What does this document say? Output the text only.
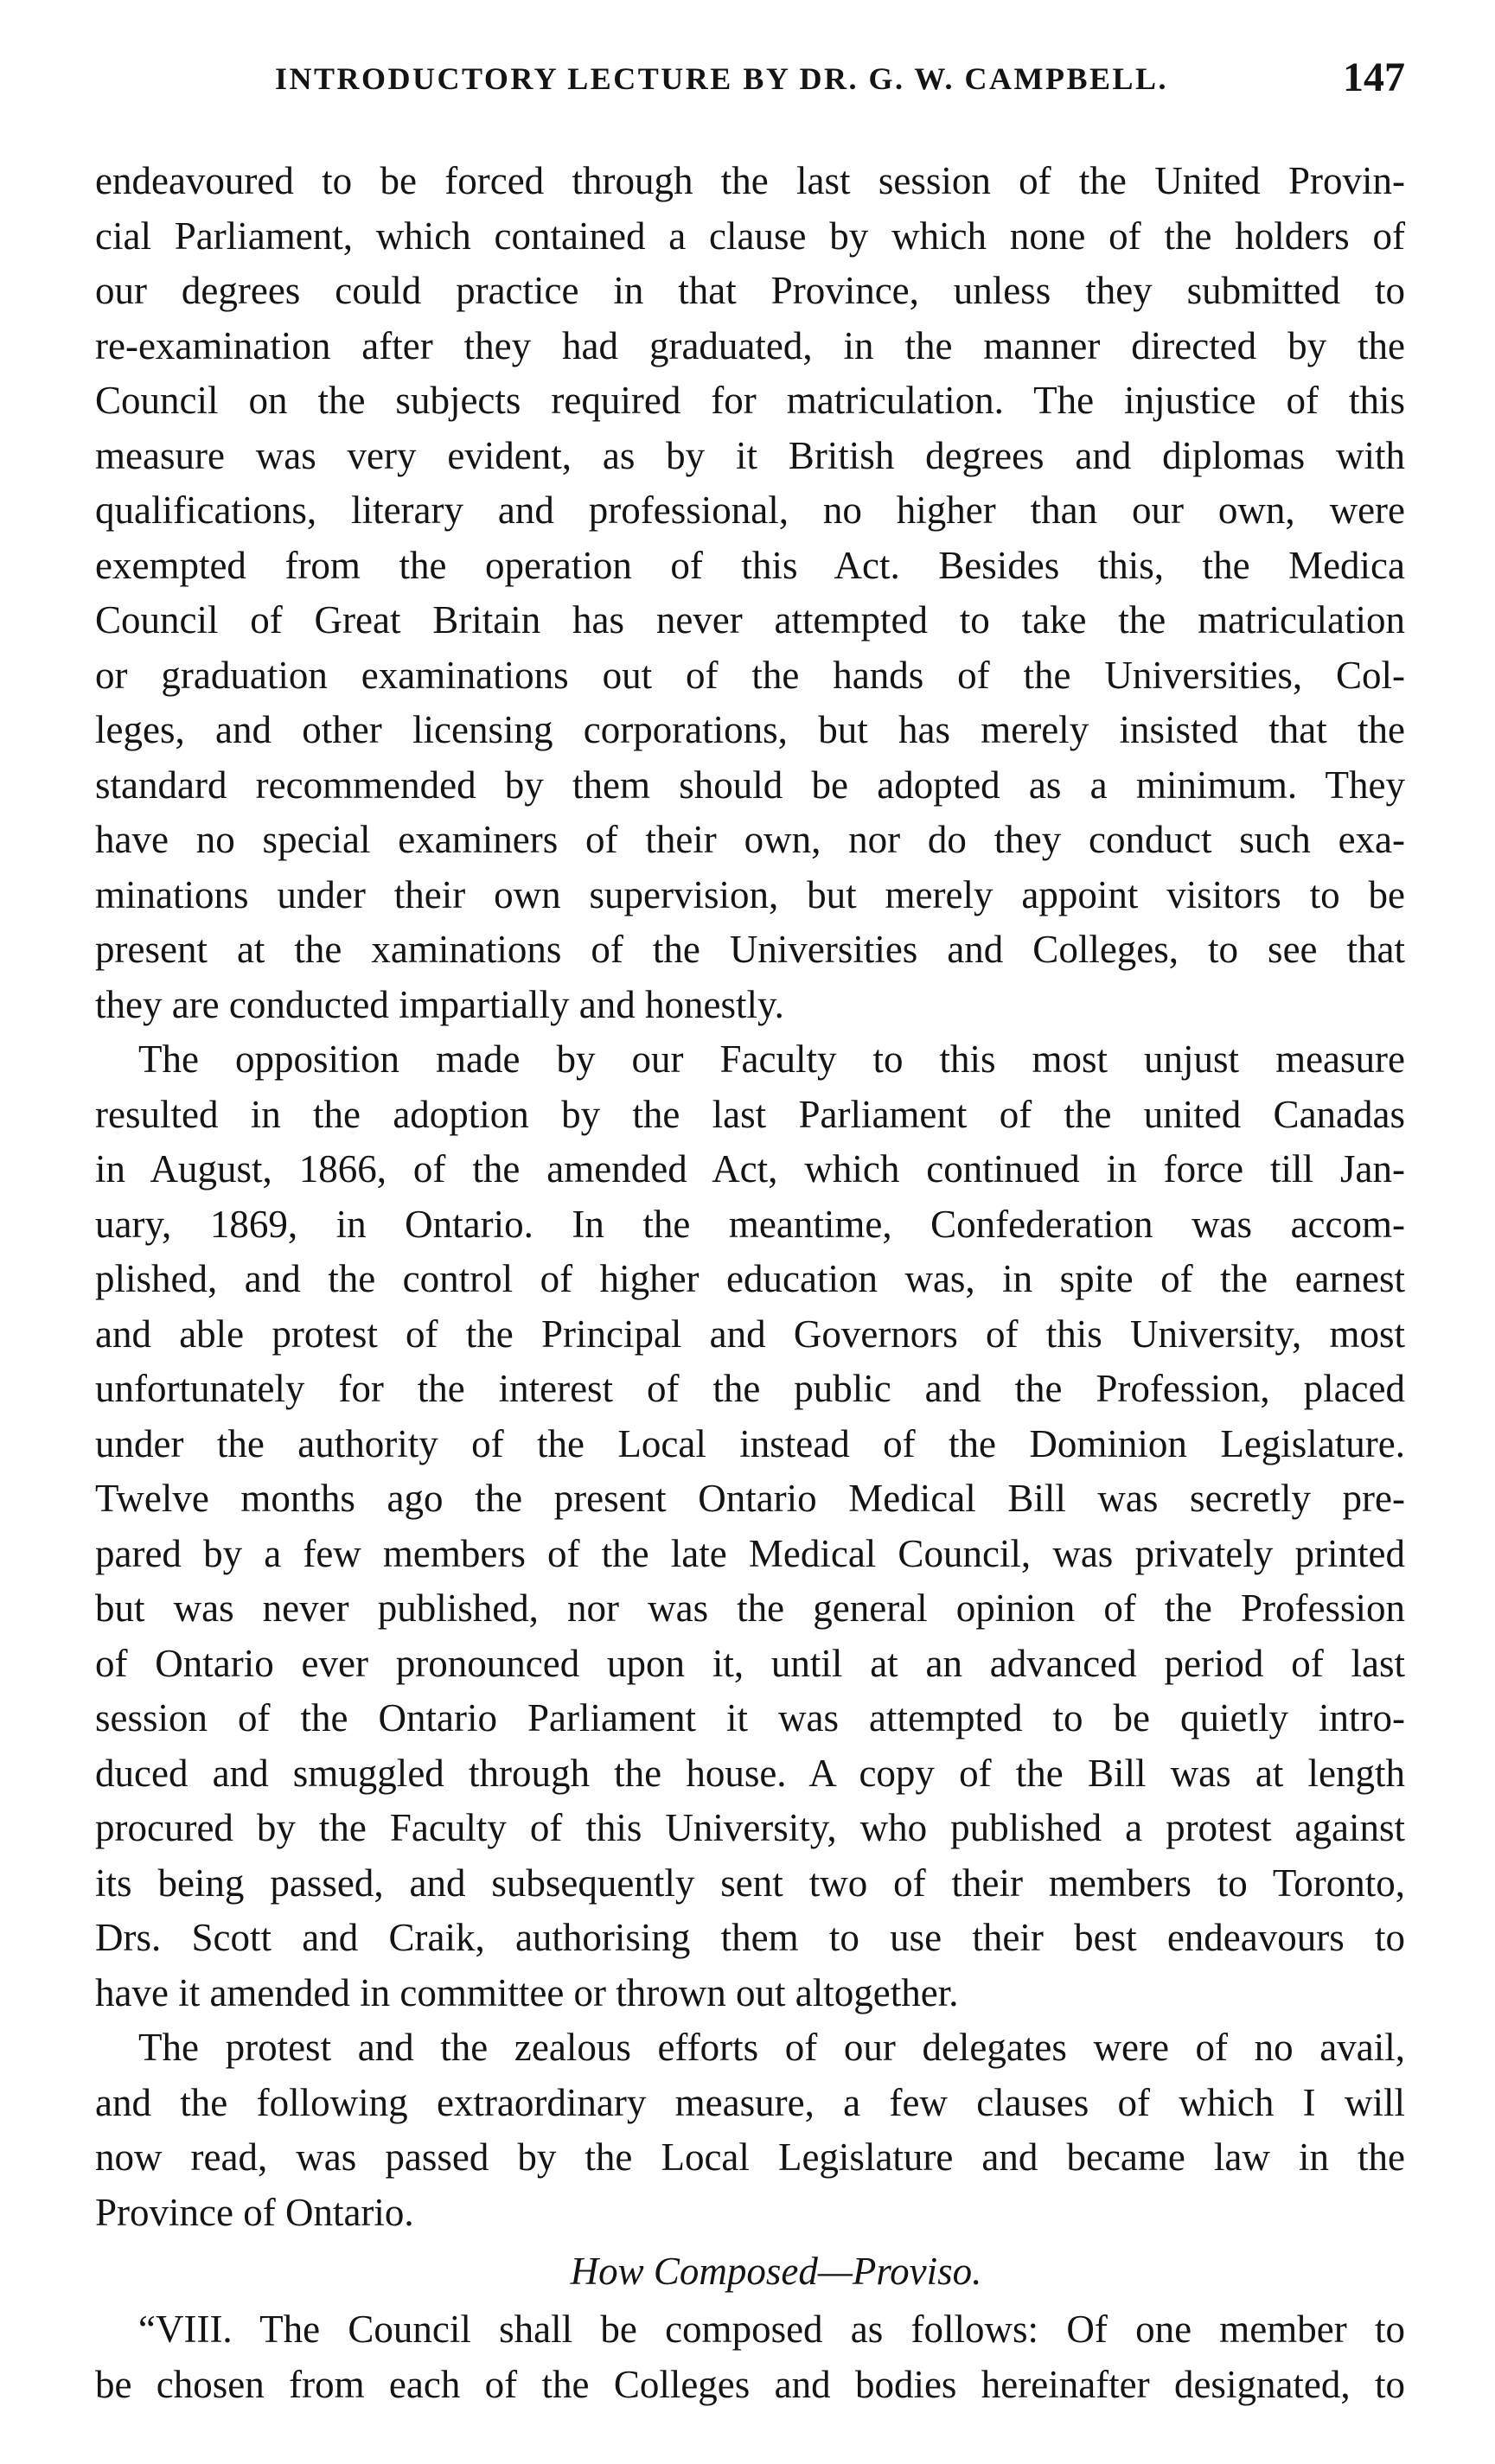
INTRODUCTORY LECTURE BY DR. G. W. CAMPBELL.	147
endeavoured to be forced through the last session of the United Provin-
cial Parliament, which contained a clause by which none of the holders of
our degrees could practice in that Province, unless they submitted to
re-examination after they had graduated, in the manner directed by the
Council on the subjects required for matriculation. The injustice of this
measure was very evident, as by it British degrees and diplomas with
qualifications, literary and professional, no higher than our own, were
exempted from the operation of this Act. Besides this, the Medica
Council of Great Britain has never attempted to take the matriculation
or graduation examinations out of the hands of the Universities, Col-
leges, and other licensing corporations, but has merely insisted that the
standard recommended by them should be adopted as a minimum. They
have no special examiners of their own, nor do they conduct such exa-
minations under their own supervision, but merely appoint visitors to be
present at the xaminations of the Universities and Colleges, to see that
they are conducted impartially and honestly.
The opposition made by our Faculty to this most unjust measure
resulted in the adoption by the last Parliament of the united Canadas
in August, 1866, of the amended Act, which continued in force till Jan-
uary, 1869, in Ontario. In the meantime, Confederation was accom-
plished, and the control of higher education was, in spite of the earnest
and able protest of the Principal and Governors of this University, most
unfortunately for the interest of the public and the Profession, placed
under the authority of the Local instead of the Dominion Legislature.
Twelve months ago the present Ontario Medical Bill was secretly pre-
pared by a few members of the late Medical Council, was privately printed
but was never published, nor was the general opinion of the Profession
of Ontario ever pronounced upon it, until at an advanced period of last
session of the Ontario Parliament it was attempted to be quietly intro-
duced and smuggled through the house. A copy of the Bill was at length
procured by the Faculty of this University, who published a protest against
its being passed, and subsequently sent two of their members to Toronto,
Drs. Scott and Craik, authorising them to use their best endeavours to
have it amended in committee or thrown out altogether.
The protest and the zealous efforts of our delegates were of no avail,
and the following extraordinary measure, a few clauses of which I will
now read, was passed by the Local Legislature and became law in the
Province of Ontario.
How Composed—Proviso.
“VIII. The Council shall be composed as follows: Of one member to
be chosen from each of the Colleges and bodies hereinafter designated, to
